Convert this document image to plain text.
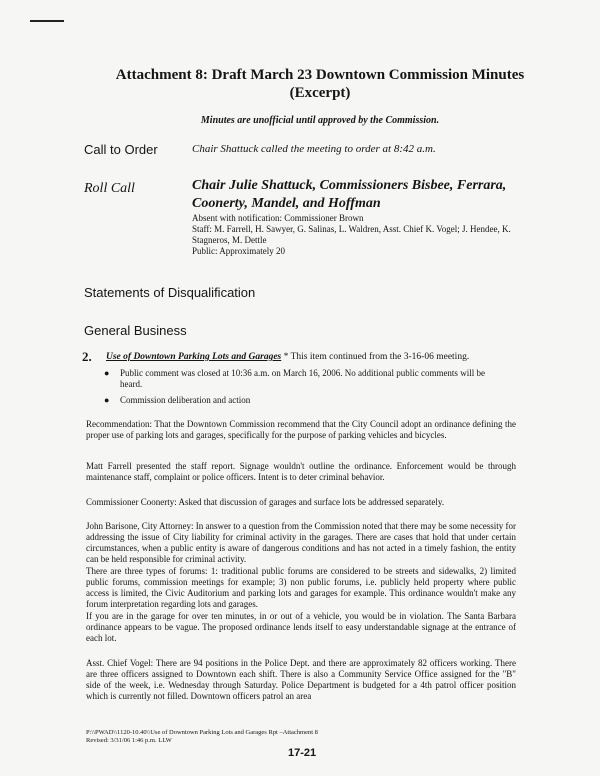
Attachment 8: Draft March 23 Downtown Commission Minutes
(Excerpt)
Minutes are unofficial until approved by the Commission.
Call to Order	Chair Shattuck called the meeting to order at 8:42 a.m.
Roll Call	Chair Julie Shattuck, Commissioners Bisbee, Ferrara, Coonerty, Mandel, and Hoffman
Absent with notification: Commissioner Brown
Staff: M. Farrell, H. Sawyer, G. Salinas, L. Waldren, Asst. Chief K. Vogel; J. Hendee, K. Stagneros, M. Dettle
Public: Approximately 20
Statements of Disqualification
General Business
2. Use of Downtown Parking Lots and Garages * This item continued from the 3-16-06 meeting.
●	Public comment was closed at 10:36 a.m. on March 16, 2006. No additional public comments will be heard.
●	Commission deliberation and action
Recommendation: That the Downtown Commission recommend that the City Council adopt an ordinance defining the proper use of parking lots and garages, specifically for the purpose of parking vehicles and bicycles.
Matt Farrell presented the staff report. Signage wouldn't outline the ordinance. Enforcement would be through maintenance staff, complaint or police officers. Intent is to deter criminal behavior.
Commissioner Coonerty: Asked that discussion of garages and surface lots be addressed separately.
John Barisone, City Attorney: In answer to a question from the Commission noted that there may be some necessity for addressing the issue of City liability for criminal activity in the garages. There are cases that hold that under certain circumstances, when a public entity is aware of dangerous conditions and has not acted in a timely fashion, the entity can be held responsible for criminal activity.
There are three types of forums: 1: traditional public forums are considered to be streets and sidewalks, 2) limited public forums, commission meetings for example; 3) non public forums, i.e. publicly held property where public access is limited, the Civic Auditorium and parking lots and garages for example. This ordinance wouldn't make any forum interpretation regarding lots and garages.
If you are in the garage for over ten minutes, in or out of a vehicle, you would be in violation. The Santa Barbara ordinance appears to be vague. The proposed ordinance lends itself to easy understandable signage at the entrance of each lot.
Asst. Chief Vogel: There are 94 positions in the Police Dept. and there are approximately 82 officers working. There are three officers assigned to Downtown each shift. There is also a Community Service Office assigned for the "B" side of the week, i.e. Wednesday through Saturday. Police Department is budgeted for a 4th patrol officer position which is currently not filled. Downtown officers patrol an area
P:\\PWAD\\1120-10.40\\Use of Downtown Parking Lots and Garages Rpt –Attachment 8
Revised: 3/31/06 1:46 p.m. LLW
17-21
